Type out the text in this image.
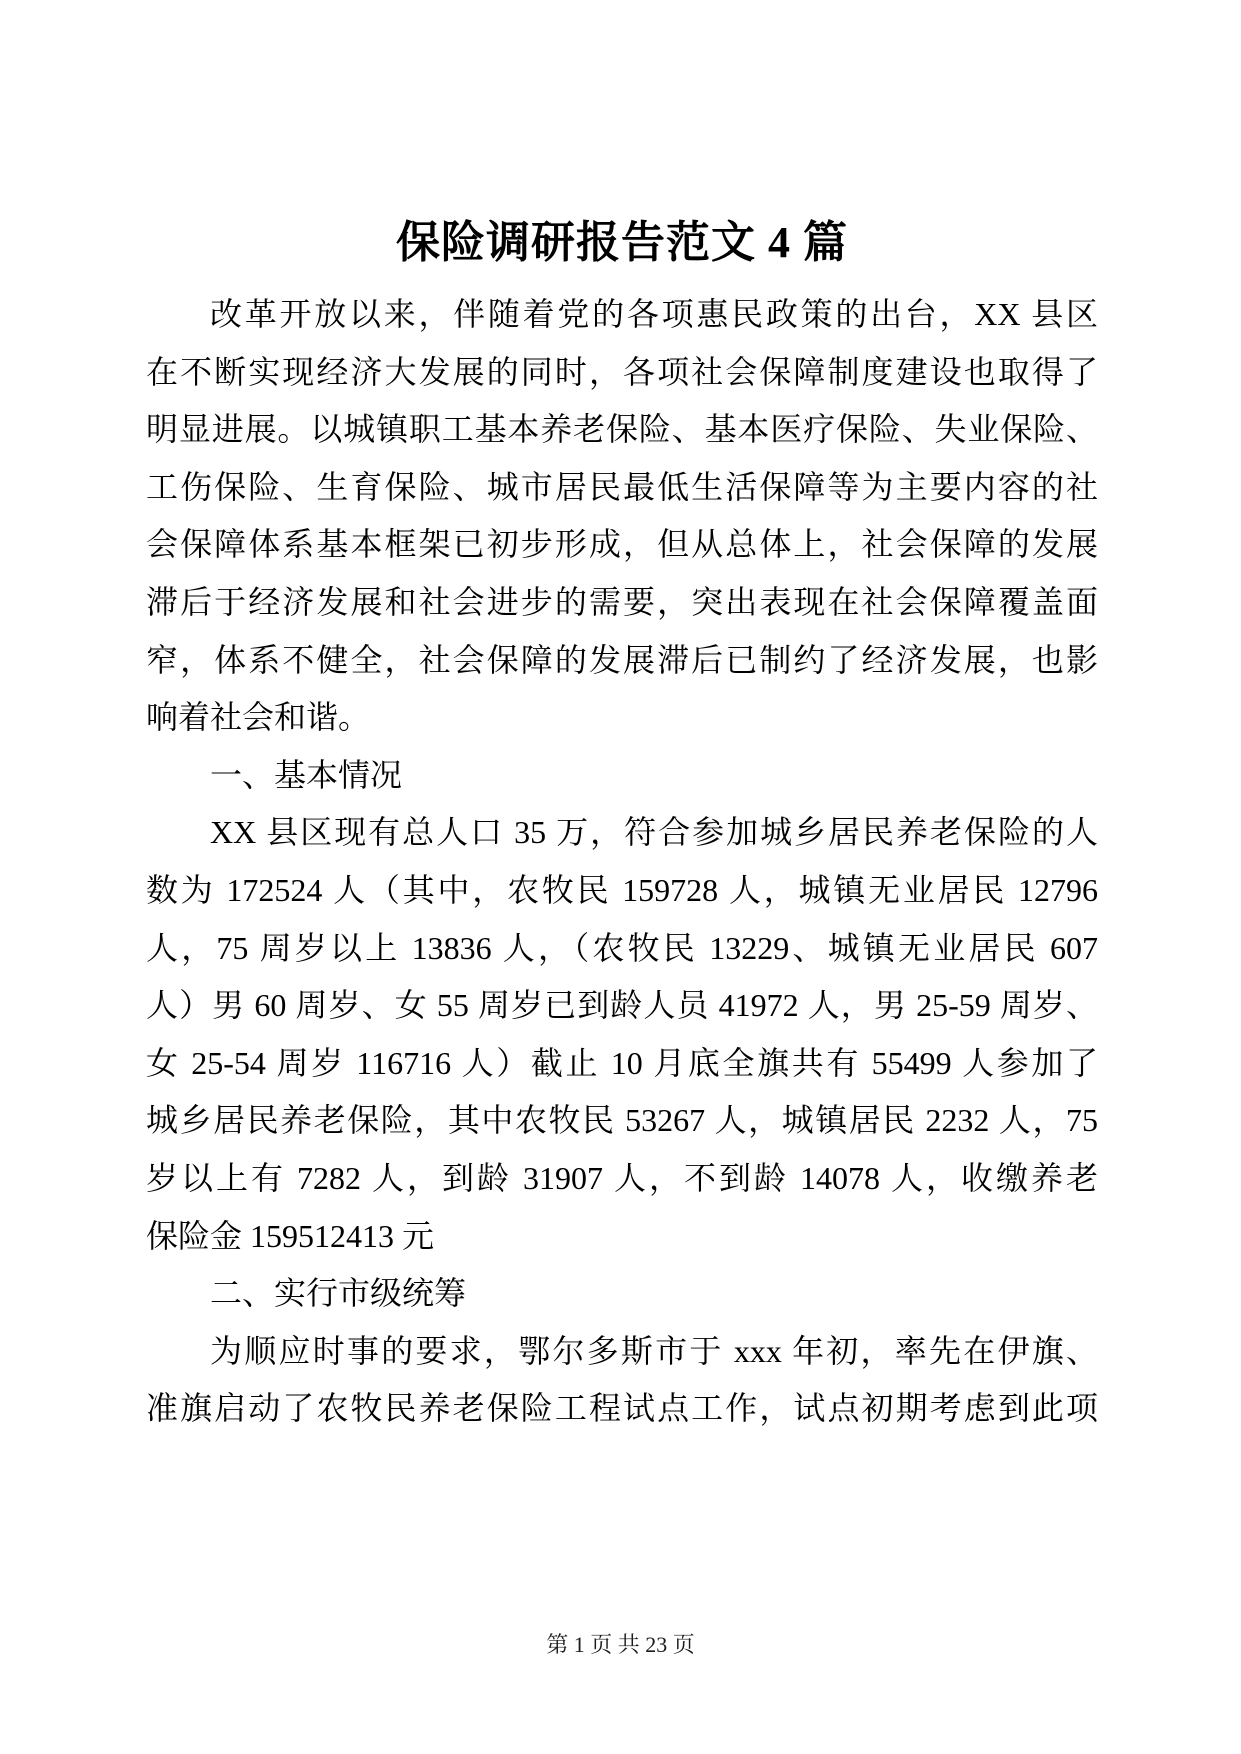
保险调研报告范文 4 篇
改革开放以来，伴随着党的各项惠民政策的出台，XX 县区
在不断实现经济大发展的同时，各项社会保障制度建设也取得了
明显进展。以城镇职工基本养老保险、基本医疗保险、失业保险、
工伤保险、生育保险、城市居民最低生活保障等为主要内容的社
会保障体系基本框架已初步形成，但从总体上，社会保障的发展
滞后于经济发展和社会进步的需要，突出表现在社会保障覆盖面
窄，体系不健全，社会保障的发展滞后已制约了经济发展，也影
响着社会和谐。
一、基本情况
XX 县区现有总人口 35 万，符合参加城乡居民养老保险的人
数为 172524 人（其中，农牧民 159728 人，城镇无业居民 12796
人，75 周岁以上 13836 人，（农牧民 13229、城镇无业居民 607
人）男 60 周岁、女 55 周岁已到龄人员 41972 人，男 25-59 周岁、
女 25-54 周岁 116716 人）截止 10 月底全旗共有 55499 人参加了
城乡居民养老保险，其中农牧民 53267 人，城镇居民 2232 人，75
岁以上有 7282 人，到龄 31907 人，不到龄 14078 人，收缴养老
保险金 159512413 元
二、实行市级统筹
为顺应时事的要求，鄂尔多斯市于 xxx 年初，率先在伊旗、
准旗启动了农牧民养老保险工程试点工作，试点初期考虑到此项
第 1 页 共 23 页
